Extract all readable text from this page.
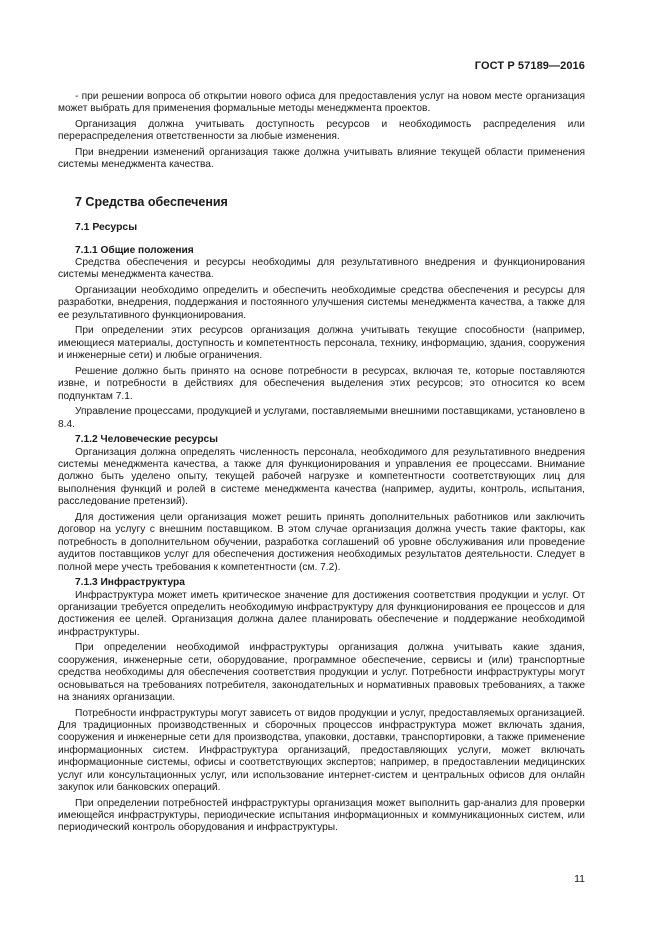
ГОСТ Р 57189—2016

- при решении вопроса об открытии нового офиса для предоставления услуг на новом месте организация может выбрать для применения формальные методы менеджмента проектов.

Организация должна учитывать доступность ресурсов и необходимость распределения или перераспределения ответственности за любые изменения.

При внедрении изменений организация также должна учитывать влияние текущей области применения системы менеджмента качества.

7 Средства обеспечения
7.1 Ресурсы
7.1.1 Общие положения

Средства обеспечения и ресурсы необходимы для результативного внедрения и функционирования системы менеджмента качества.

Организации необходимо определить и обеспечить необходимые средства обеспечения и ресурсы для разработки, внедрения, поддержания и постоянного улучшения системы менеджмента качества, а также для ее результативного функционирования.

При определении этих ресурсов организация должна учитывать текущие способности (например, имеющиеся материалы, доступность и компетентность персонала, технику, информацию, здания, сооружения и инженерные сети) и любые ограничения.

Решение должно быть принято на основе потребности в ресурсах, включая те, которые поставляются извне, и потребности в действиях для обеспечения выделения этих ресурсов; это относится ко всем подпунктам 7.1.

Управление процессами, продукцией и услугами, поставляемыми внешними поставщиками, установлено в 8.4.

7.1.2 Человеческие ресурсы

Организация должна определять численность персонала, необходимого для результативного внедрения системы менеджмента качества, а также для функционирования и управления ее процессами. Внимание должно быть уделено опыту, текущей рабочей нагрузке и компетентности соответствующих лиц для выполнения функций и ролей в системе менеджмента качества (например, аудиты, контроль, испытания, расследование претензий).

Для достижения цели организация может решить принять дополнительных работников или заключить договор на услугу с внешним поставщиком. В этом случае организация должна учесть такие факторы, как потребность в дополнительном обучении, разработка соглашений об уровне обслуживания или проведение аудитов поставщиков услуг для обеспечения достижения необходимых результатов деятельности. Следует в полной мере учесть требования к компетентности (см. 7.2).

7.1.3 Инфраструктура

Инфраструктура может иметь критическое значение для достижения соответствия продукции и услуг. От организации требуется определить необходимую инфраструктуру для функционирования ее процессов и для достижения ее целей. Организация должна далее планировать обеспечение и поддержание необходимой инфраструктуры.

При определении необходимой инфраструктуры организация должна учитывать какие здания, сооружения, инженерные сети, оборудование, программное обеспечение, сервисы и (или) транспортные средства необходимы для обеспечения соответствия продукции и услуг. Потребности инфраструктуры могут основываться на требованиях потребителя, законодательных и нормативных правовых требованиях, а также на знаниях организации.

Потребности инфраструктуры могут зависеть от видов продукции и услуг, предоставляемых организацией. Для традиционных производственных и сборочных процессов инфраструктура может включать здания, сооружения и инженерные сети для производства, упаковки, доставки, транспортировки, а также применение информационных систем. Инфраструктура организаций, предоставляющих услуги, может включать информационные системы, офисы и соответствующих экспертов; например, в предоставлении медицинских услуг или консультационных услуг, или использование интернет-систем и центральных офисов для онлайн закупок или банковских операций.

При определении потребностей инфраструктуры организация может выполнить gap-анализ для проверки имеющейся инфраструктуры, периодические испытания информационных и коммуникационных систем, или периодический контроль оборудования и инфраструктуры.

11
